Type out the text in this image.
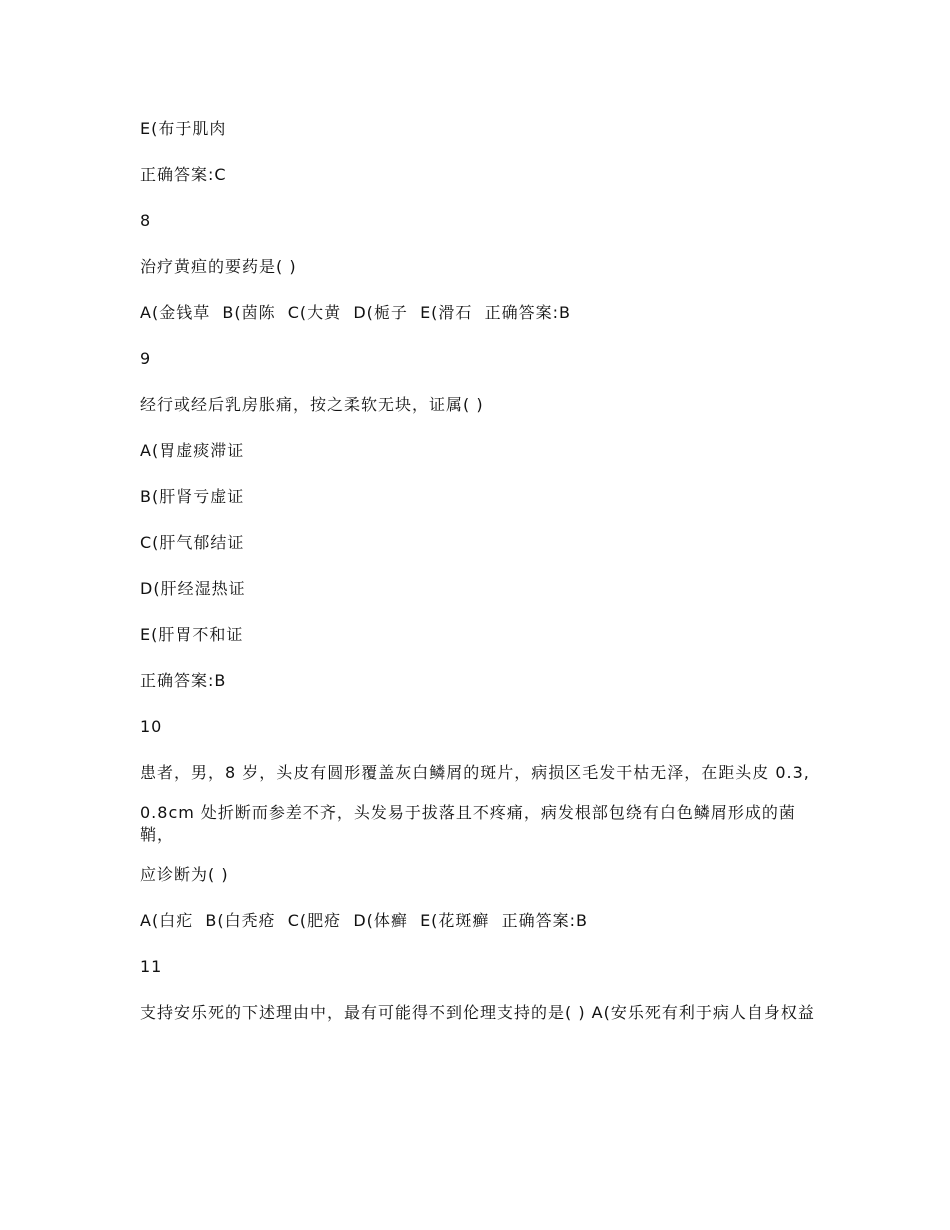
E(布于肌肉

正确答案:C

8

治疗黄疸的要药是( )

A(金钱草  B(茵陈  C(大黄  D(栀子  E(滑石  正确答案:B

9

经行或经后乳房胀痛，按之柔软无块，证属( )

A(胃虚痰滞证

B(肝肾亏虚证

C(肝气郁结证

D(肝经湿热证

E(肝胃不和证

正确答案:B

10

患者，男，8 岁，头皮有圆形覆盖灰白鳞屑的斑片，病损区毛发干枯无泽，在距头皮 0.3,

0.8cm 处折断而参差不齐，头发易于拔落且不疼痛，病发根部包绕有白色鳞屑形成的菌鞘，

应诊断为( )

A(白疕  B(白秃疮  C(肥疮  D(体癣  E(花斑癣  正确答案:B

11

支持安乐死的下述理由中，最有可能得不到伦理支持的是( ) A(安乐死有利于病人自身权益
